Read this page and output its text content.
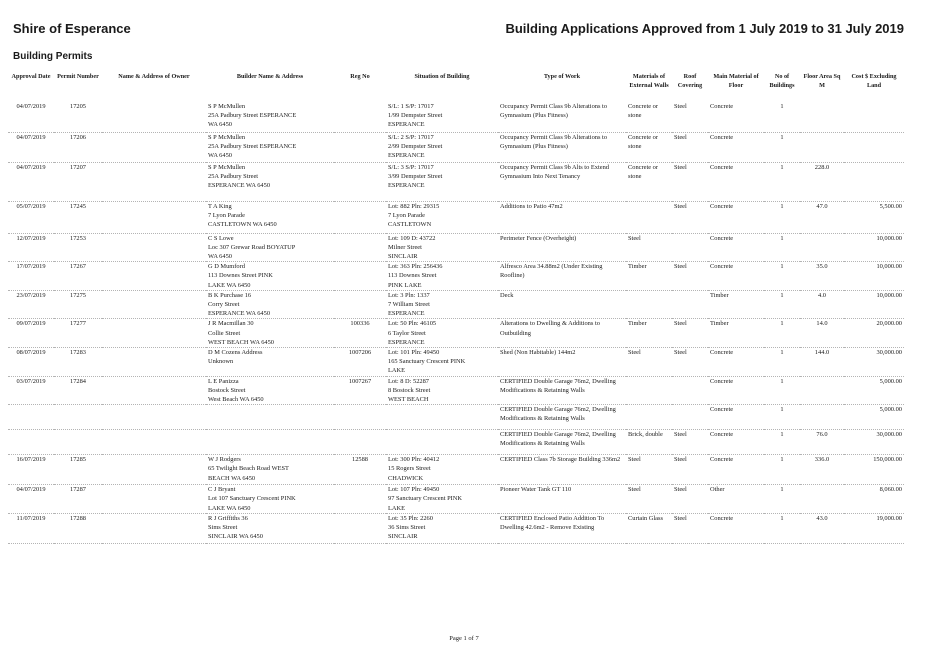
Shire of Esperance	Building Applications Approved from 1 July 2019 to 31 July 2019
Building Permits
Approval Date	Permit Number	Name & Address of Owner	Builder Name & Address	Reg No	Situation of Building	Type of Work	Materials of External Walls	Roof Covering	Main Material of Floor	No of Buildings	Floor Area Sq M	Cost $ Excluding Land
04/07/2019	17205		S P McMullen
25A Padbury Street ESPERANCE
WA 6450		S/L: 1 S/P: 17017
1/99 Dempster Street
ESPERANCE	Occupancy Permit Class 9b Alterations to Gymnasium (Plus Fitness)	Concrete or stone	Steel	Concrete	1		
04/07/2019	17206		S P McMullen
25A Padbury Street ESPERANCE
WA 6450		S/L: 2 S/P: 17017
2/99 Dempster Street
ESPERANCE	Occupancy Permit Class 9b Alterations to Gymnasium (Plus Fitness)	Concrete or stone	Steel	Concrete	1		
04/07/2019	17207		S P McMullen
25A Padbury Street
ESPERANCE WA 6450		S/L: 3 S/P: 17017
3/99 Dempster Street
ESPERANCE	Occupancy Permit Class 9b Alts to Extend Gymnasium Into Next Tenancy	Concrete or stone	Steel	Concrete	1	228.0	
05/07/2019	17245		T A King
7 Lyon Parade
CASTLETOWN WA 6450		Lot: 882 Pln: 29315
7 Lyon Parade
CASTLETOWN	Additions to Patio 47m2		Steel	Concrete	1	47.0	5,500.00
12/07/2019	17253		C S Lowe
Loc 307 Grewar Road BOYATUP
WA 6450		Lot: 109 D: 43722
Milner Street
SINCLAIR	Perimeter Fence (Overheight)	Steel		Concrete	1		10,000.00
17/07/2019	17267		G D Mumford
113 Downes Street PINK
LAKE WA 6450		Lot: 363 Pln: 256436
113 Downes Street
PINK LAKE	Alfresco Area 34.88m2 (Under Existing Roofline)	Timber	Steel	Concrete	1	35.0	10,000.00
23/07/2019	17275		B K Purchase 16
Corry Street
ESPERANCE WA 6450		Lot: 3 Pln: 1337
7 William Street
ESPERANCE	Deck			Timber	1	4.0	10,000.00
09/07/2019	17277		J R Macmillan 30
Collie Street
WEST BEACH WA 6450	100336	Lot: 50 Pln: 46105
6 Taylor Street
ESPERANCE	Alterations to Dwelling & Additions to Outbuilding	Timber	Steel	Timber	1	14.0	20,000.00
08/07/2019	17283		D M Cozens Address
Unknown	1007206	Lot: 101 Pln: 49450
165 Sanctuary Crescent PINK
LAKE	Shed (Non Habitable) 144m2	Steel	Steel	Concrete	1	144.0	30,000.00
03/07/2019	17284		L E Panizza
Bostock Street
West Beach WA 6450	1007267	Lot: 8 D: 52287
8 Bostock Street
WEST BEACH	CERTIFIED Double Garage 76m2, Dwelling Modifications & Retaining Walls			Concrete	1		5,000.00
						CERTIFIED Double Garage 76m2, Dwelling Modifications & Retaining Walls			Concrete	1		5,000.00
						CERTIFIED Double Garage 76m2, Dwelling Modifications & Retaining Walls	Brick, double	Steel	Concrete	1	76.0	30,000.00
16/07/2019	17285		W J Rodgers
65 Twilight Beach Road WEST
BEACH WA 6450	12588	Lot: 300 Pln: 40412
15 Rogers Street
CHADWICK	CERTIFIED Class 7b Storage Building 336m2	Steel	Steel	Concrete	1	336.0	150,000.00
04/07/2019	17287		C J Bryant
Lot 107 Sanctuary Crescent PINK
LAKE WA 6450		Lot: 107 Pln: 49450
97 Sanctuary Crescent PINK
LAKE	Pioneer Water Tank GT 110	Steel	Steel	Other	1		8,060.00
11/07/2019	17288		R J Griffiths 36
Sims Street
SINCLAIR WA 6450		Lot: 35 Pln: 2260
36 Sims Street
SINCLAIR	CERTIFIED Enclosed Patio Addition To Dwelling 42.6m2 - Remove Existing	Curtain Glass	Steel	Concrete	1	43.0	19,000.00
Page 1 of 7
